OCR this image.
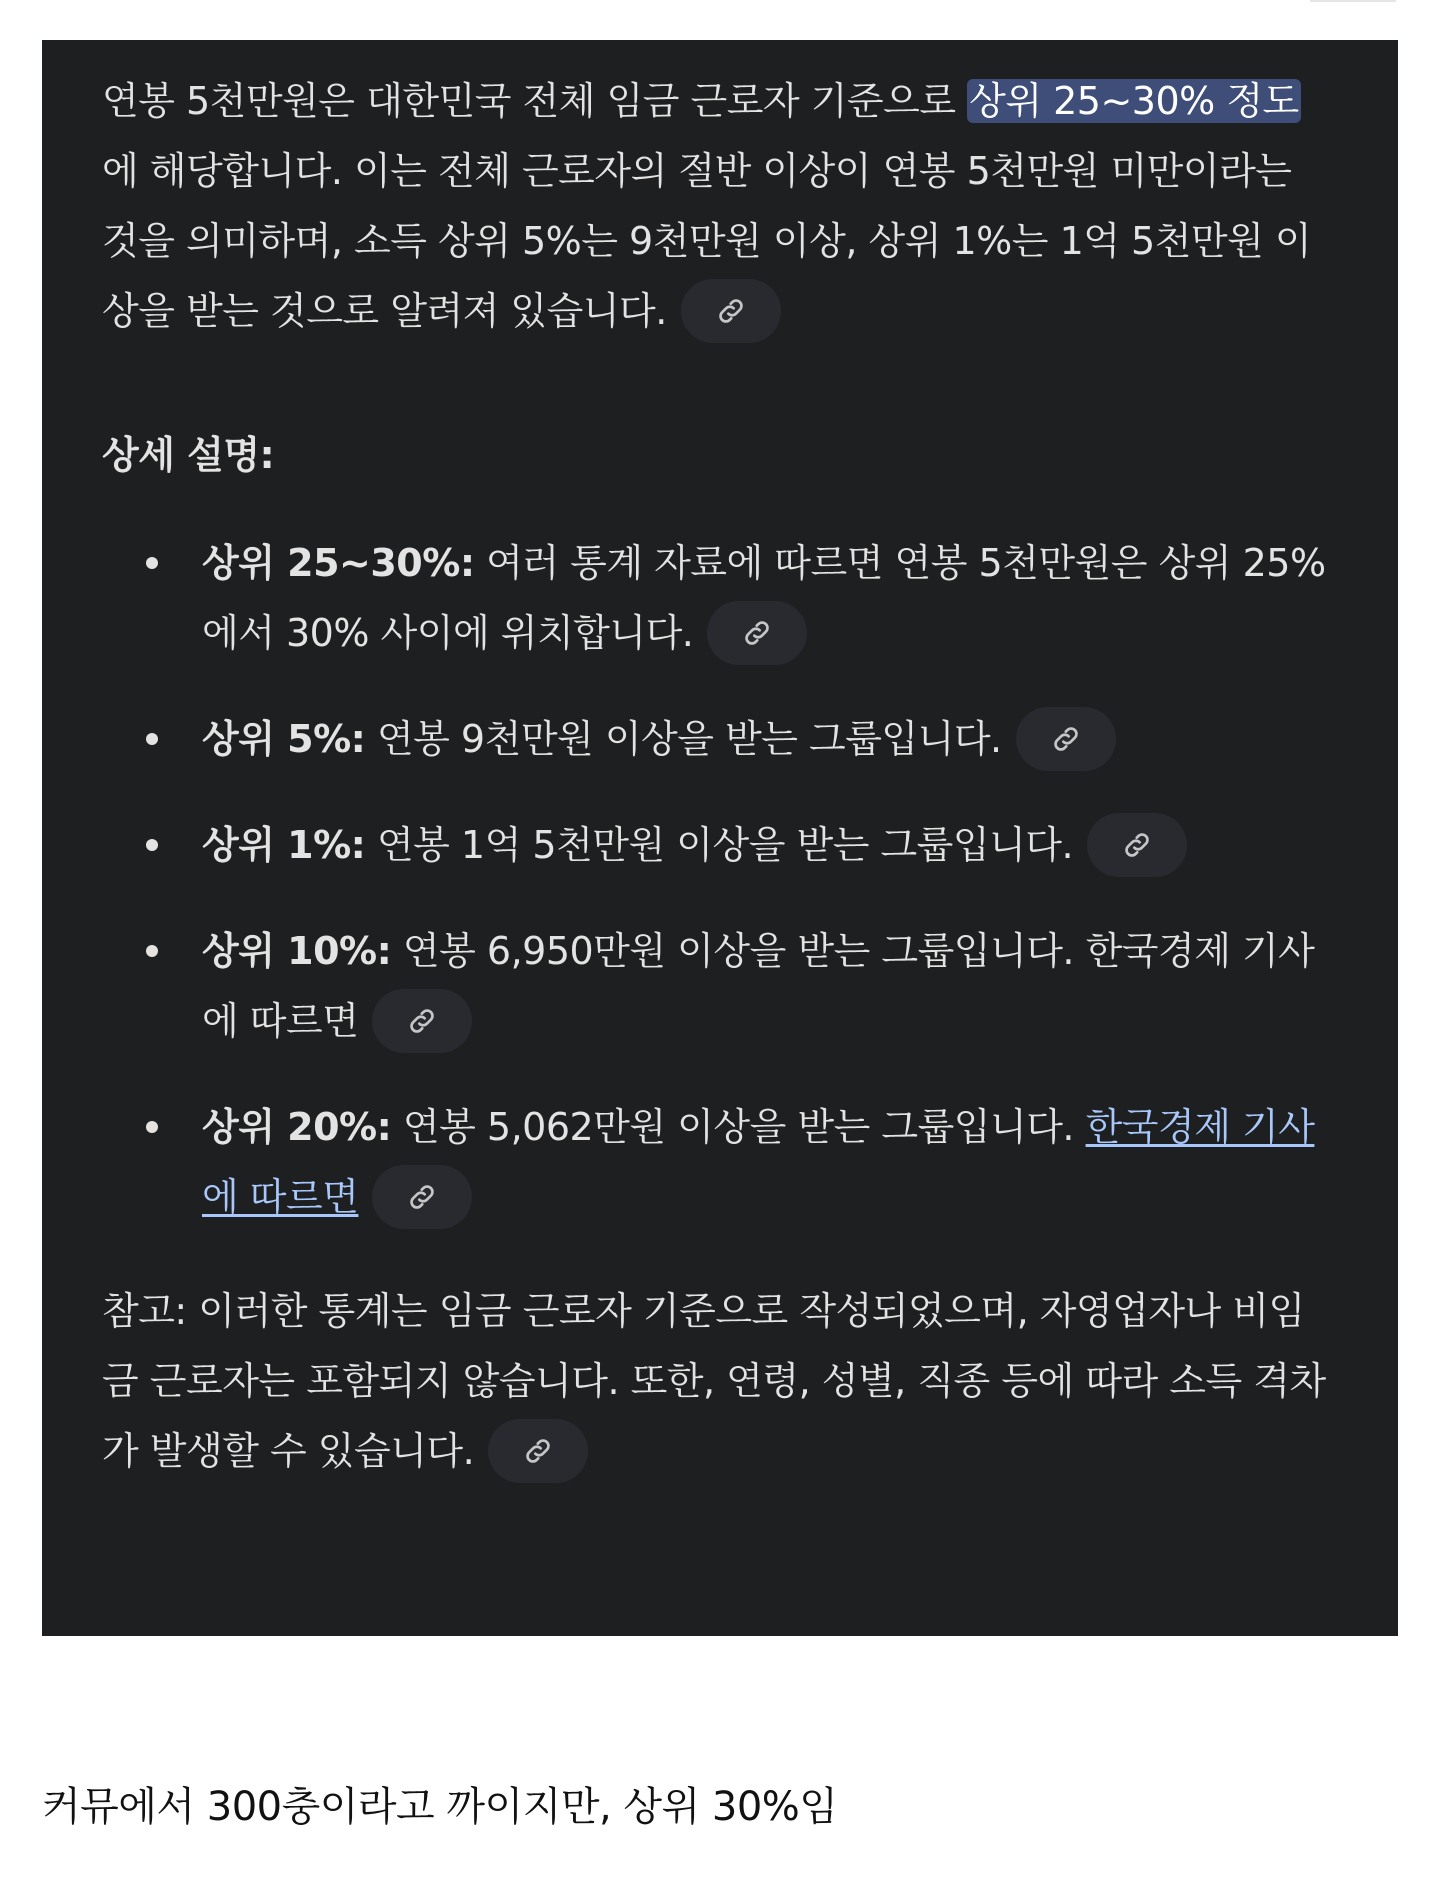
연봉 5천만원은 대한민국 전체 임금 근로자 기준으로 상위 25~30% 정도에 해당합니다. 이는 전체 근로자의 절반 이상이 연봉 5천만원 미만이라는 것을 의미하며, 소득 상위 5%는 9천만원 이상, 상위 1%는 1억 5천만원 이상을 받는 것으로 알려져 있습니다.

상세 설명:

상위 25~30%: 여러 통계 자료에 따르면 연봉 5천만원은 상위 25%에서 30% 사이에 위치합니다.
상위 5%: 연봉 9천만원 이상을 받는 그룹입니다.
상위 1%: 연봉 1억 5천만원 이상을 받는 그룹입니다.
상위 10%: 연봉 6,950만원 이상을 받는 그룹입니다. 한국경제 기사에 따르면
상위 20%: 연봉 5,062만원 이상을 받는 그룹입니다. 한국경제 기사에 따르면

참고: 이러한 통계는 임금 근로자 기준으로 작성되었으며, 자영업자나 비임금 근로자는 포함되지 않습니다. 또한, 연령, 성별, 직종 등에 따라 소득 격차가 발생할 수 있습니다.

커뮤에서 300충이라고 까이지만, 상위 30%임
